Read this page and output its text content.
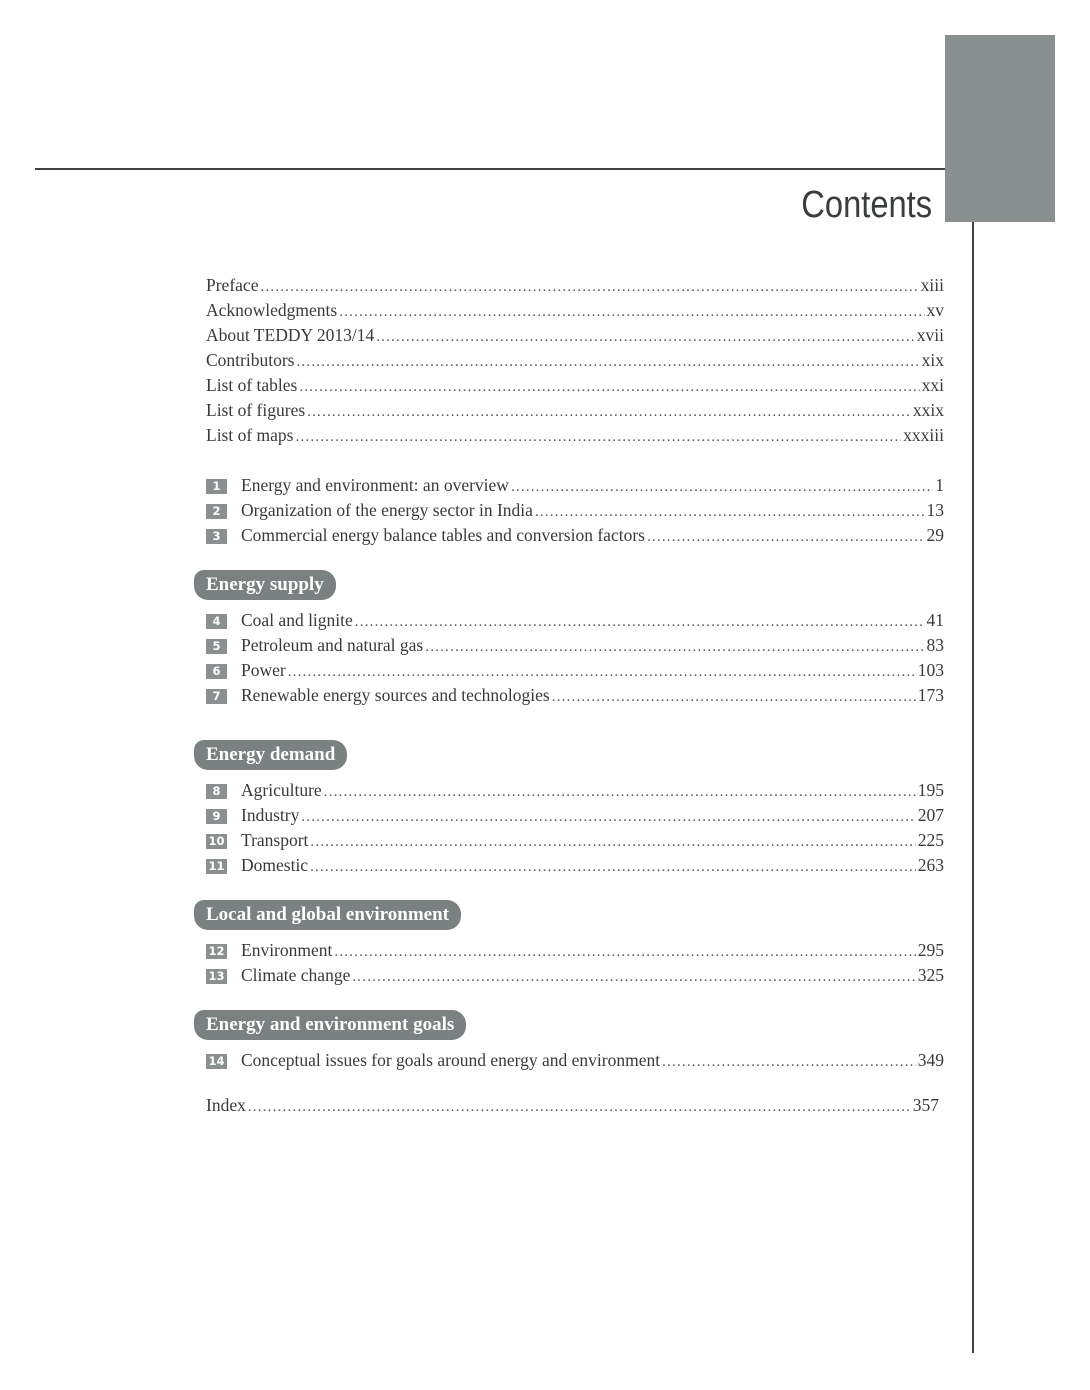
Contents
Preface .....	xiii
Acknowledgments .....	xv
About TEDDY 2013/14 .....	xvii
Contributors .....	xix
List of tables .....	xxi
List of figures .....	xxix
List of maps .....	xxxiii
1	Energy and environment: an overview .....	1
2	Organization of the energy sector in India .....	13
3	Commercial energy balance tables and conversion factors .....	29
Energy supply
4	Coal and lignite .....	41
5	Petroleum and natural gas .....	83
6	Power .....	103
7	Renewable energy sources and technologies .....	173
Energy demand
8	Agriculture .....	195
9	Industry .....	207
10 Transport .....	225
11 Domestic .....	263
Local and global environment
12 Environment .....	295
13 Climate change .....	325
Energy and environment goals
14 Conceptual issues for goals around energy and environment .....	349
Index .....	357
